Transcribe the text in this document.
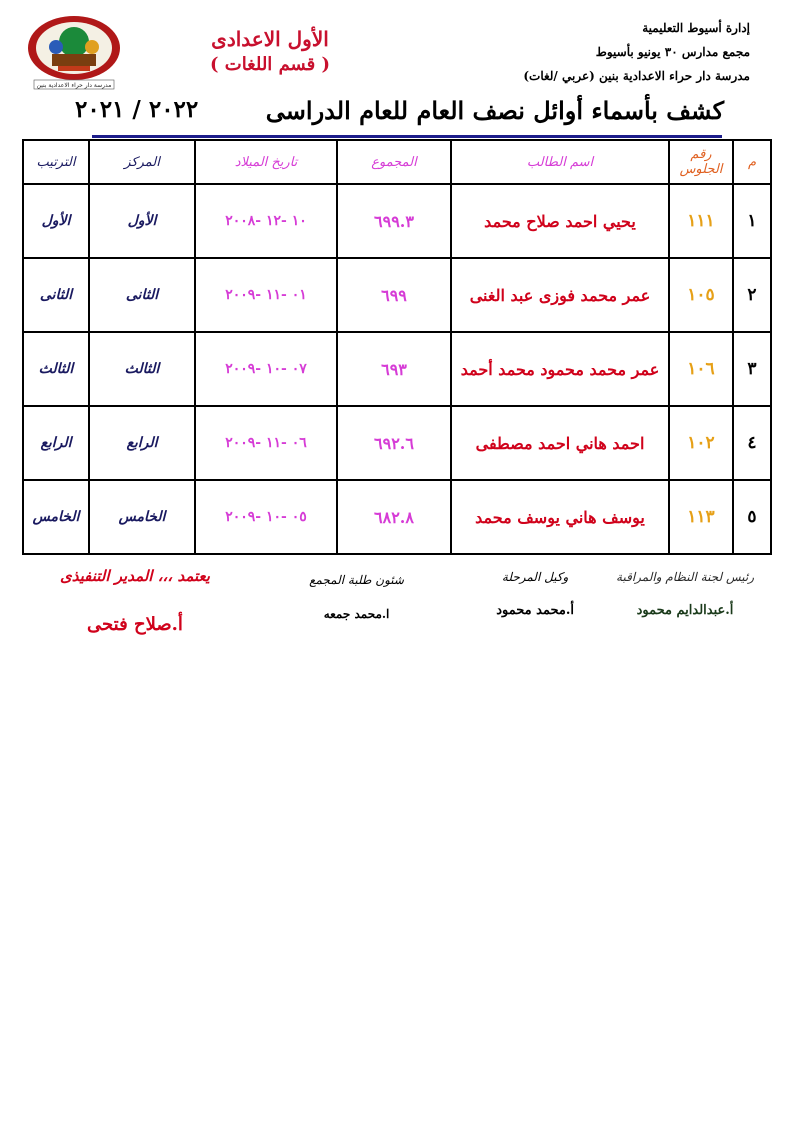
إدارة أسيوط التعليمية
مجمع مدارس ٣٠ يونيو بأسيوط
مدرسة دار حراء الاعدادية بنين (عربي /لغات)
الأول الاعدادى
( قسم اللغات )
مدرسة دار حراء الاعدادية بنين
كشف بأسماء أوائل نصف العام للعام الدراسى
٢٠٢٢ / ٢٠٢١
م	رقم الجلوس	اسم الطالب	المجموع	تاريخ الميلاد	المركز	الترتيب
١	١١١	يحيي احمد صلاح محمد	٦٩٩.٣	١٠ -١٢ -٢٠٠٨	الأول	الأول
٢	١٠٥	عمر محمد فوزى عبد الغنى	٦٩٩	٠١ -١١ -٢٠٠٩	الثانى	الثانى
٣	١٠٦	عمر محمد محمود محمد أحمد	٦٩٣	٠٧ -١٠ -٢٠٠٩	الثالث	الثالث
٤	١٠٢	احمد هاني احمد مصطفى	٦٩٢.٦	٠٦ -١١ -٢٠٠٩	الرابع	الرابع
٥	١١٣	يوسف هاني يوسف محمد	٦٨٢.٨	٠٥ -١٠ -٢٠٠٩	الخامس	الخامس
رئيس لجنة النظام والمراقبة
أ.عبدالدايم محمود
وكيل المرحلة
أ.محمد محمود
شئون طلبة المجمع
ا.محمد جمعه
يعتمد ،،، المدير التنفيذى
أ.صلاح فتحى
